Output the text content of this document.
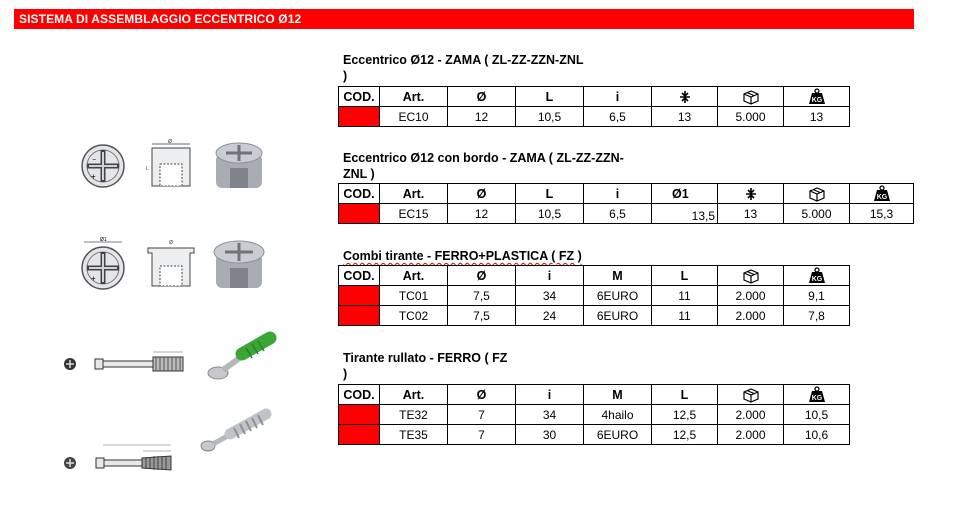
SISTEMA DI ASSEMBLAGGIO ECCENTRICO Ø12
Eccentrico Ø12 - ZAMA ( ZL-ZZ-ZZN-ZNL
)
COD.	Art.	Ø	L	i			KG

	EC10	12	10,5	6,5	13	5.000	13
Eccentrico Ø12 con bordo - ZAMA ( ZL-ZZ-ZZN-
ZNL )
COD.	Art.	Ø	L	i	Ø1			KG

	EC15	12	10,5	6,5	13,5	13	5.000	15,3
Combi tirante - FERRO+PLASTICA ( FZ )
COD.	Art.	Ø	i	M	L		KG

	TC01	7,5	34	6EURO	11	2.000	9,1
	TC02	7,5	24	6EURO	11	2.000	7,8
Tirante rullato - FERRO ( FZ
)
COD.	Art.	Ø	i	M	L		KG

	TE32	7	34	4hailo	12,5	2.000	10,5
	TE35	7	30	6EURO	12,5	2.000	10,6
−
+
Ø
L
Ø1
+
Ø
